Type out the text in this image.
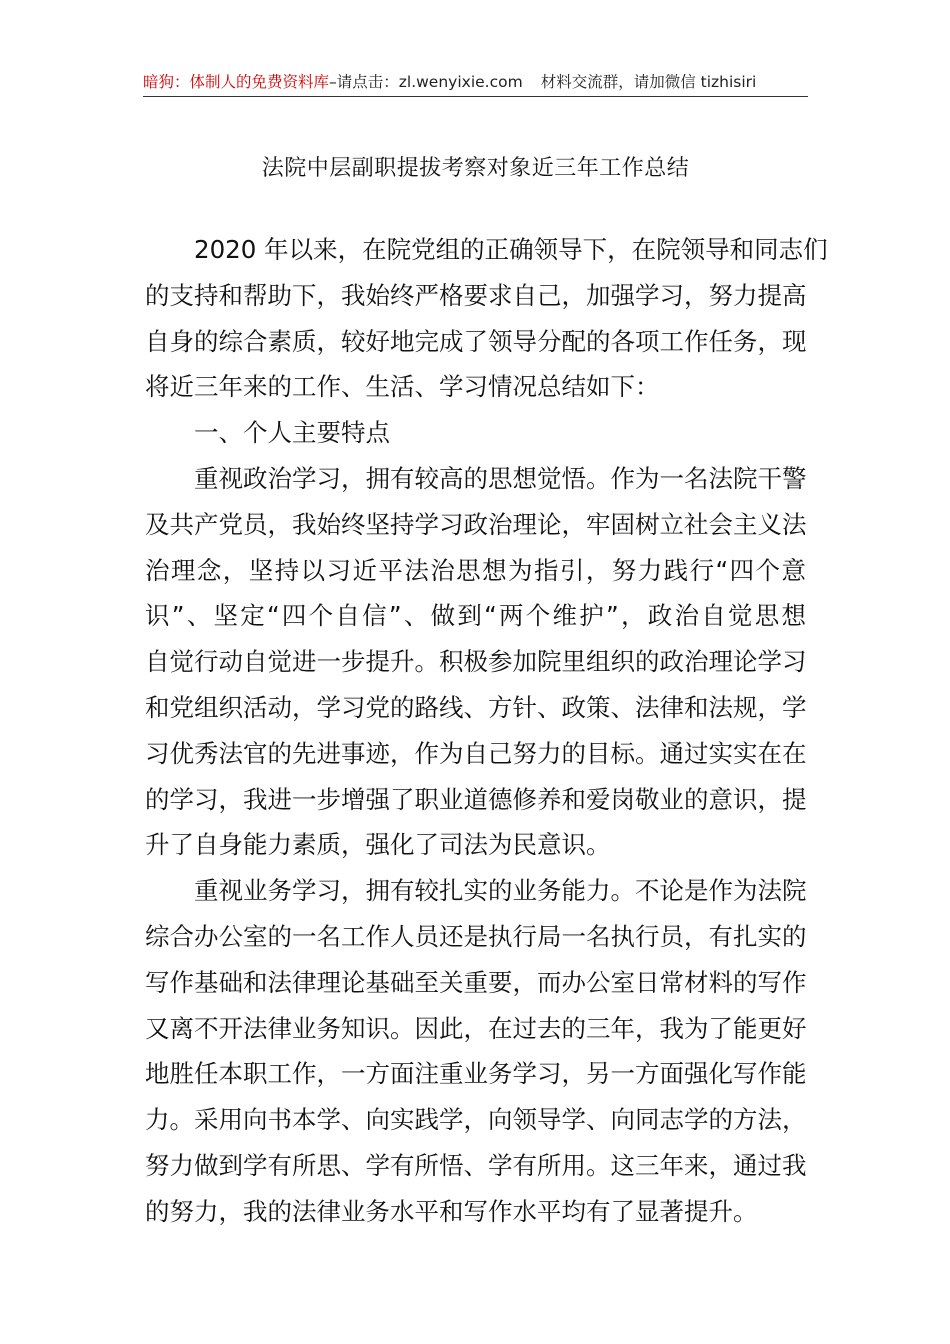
暗狗：体制人的免费资料库–请点击：zl.wenyixie.com 材料交流群，请加微信 tizhisiri
法院中层副职提拔考察对象近三年工作总结
2020 年以来，在院党组的正确领导下，在院领导和同志们
的支持和帮助下，我始终严格要求自己，加强学习，努力提高
自身的综合素质，较好地完成了领导分配的各项工作任务，现
将近三年来的工作、生活、学习情况总结如下：
一、个人主要特点
重视政治学习，拥有较高的思想觉悟。作为一名法院干警
及共产党员，我始终坚持学习政治理论，牢固树立社会主义法
治理念，坚持以习近平法治思想为指引，努力践行“四个意
识”、坚定“四个自信”、做到“两个维护”，政治自觉思想
自觉行动自觉进一步提升。积极参加院里组织的政治理论学习
和党组织活动，学习党的路线、方针、政策、法律和法规，学
习优秀法官的先进事迹，作为自己努力的目标。通过实实在在
的学习，我进一步增强了职业道德修养和爱岗敬业的意识，提
升了自身能力素质，强化了司法为民意识。
重视业务学习，拥有较扎实的业务能力。不论是作为法院
综合办公室的一名工作人员还是执行局一名执行员，有扎实的
写作基础和法律理论基础至关重要，而办公室日常材料的写作
又离不开法律业务知识。因此，在过去的三年，我为了能更好
地胜任本职工作，一方面注重业务学习，另一方面强化写作能
力。采用向书本学、向实践学，向领导学、向同志学的方法，
努力做到学有所思、学有所悟、学有所用。这三年来，通过我
的努力，我的法律业务水平和写作水平均有了显著提升。
